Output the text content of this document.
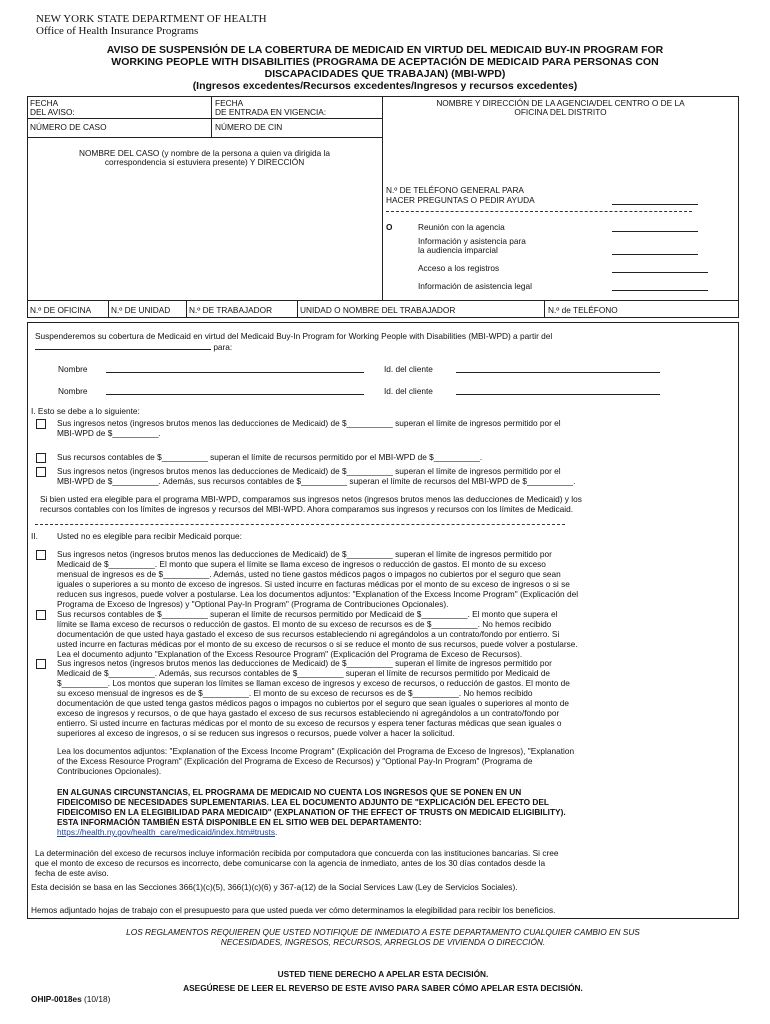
NEW YORK STATE DEPARTMENT OF HEALTH
Office of Health Insurance Programs
AVISO DE SUSPENSIÓN DE LA COBERTURA DE MEDICAID EN VIRTUD DEL MEDICAID BUY-IN PROGRAM FOR
WORKING PEOPLE WITH DISABILITIES (PROGRAMA DE ACEPTACIÓN DE MEDICAID PARA PERSONAS CON
DISCAPACIDADES QUE TRABAJAN) (MBI-WPD)
(Ingresos excedentes/Recursos excedentes/Ingresos y recursos excedentes)
FECHA
DEL AVISO:
FECHA
DE ENTRADA EN VIGENCIA:
NOMBRE Y DIRECCIÓN DE LA AGENCIA/DEL CENTRO O DE LA
OFICINA DEL DISTRITO
NÚMERO DE CASO	NÚMERO DE CIN
NOMBRE DEL CASO (y nombre de la persona a quien va dirigida la
correspondencia si estuviera presente) Y DIRECCIÓN
N.º DE TELÉFONO GENERAL PARA
HACER PREGUNTAS O PEDIR AYUDA
O	Reunión con la agencia
Información y asistencia para
la audiencia imparcial
Acceso a los registros
Información de asistencia legal
N.º DE OFICINA N.º DE UNIDAD N.º DE TRABAJADOR	UNIDAD O NOMBRE DEL TRABAJADOR	N.º de TELÉFONO
Suspenderemos su cobertura de Medicaid en virtud del Medicaid Buy-In Program for Working People with Disabilities (MBI-WPD) a partir del
para:
Nombre	Id. del cliente
Nombre	Id. del cliente
I. Esto se debe a lo siguiente:
Sus ingresos netos (ingresos brutos menos las deducciones de Medicaid) de $__________ superan el límite de ingresos permitido por el
MBI-WPD de $__________.
Sus recursos contables de $__________ superan el límite de recursos permitido por el MBI-WPD de $__________.
Sus ingresos netos (ingresos brutos menos las deducciones de Medicaid) de $__________ superan el límite de ingresos permitido por el
MBI-WPD de $__________. Además, sus recursos contables de $__________ superan el límite de recursos del MBI-WPD de $__________.
Si bien usted era elegible para el programa MBI-WPD, comparamos sus ingresos netos (ingresos brutos menos las deducciones de Medicaid) y los
recursos contables con los límites de ingresos y recursos del MBI-WPD. Ahora comparamos sus ingresos y recursos con los límites de Medicaid.
II. Usted no es elegible para recibir Medicaid porque:
Sus ingresos netos (ingresos brutos menos las deducciones de Medicaid) de $__________ superan el límite de ingresos permitido por
Medicaid de $__________. El monto que supera el límite se llama exceso de ingresos o reducción de gastos. El monto de su exceso
mensual de ingresos es de $__________. Además, usted no tiene gastos médicos pagos o impagos no cubiertos por el seguro que sean
iguales o superiores a su monto de exceso de ingresos. Si usted incurre en facturas médicas por el monto de su exceso de ingresos o si se
reducen sus ingresos, puede volver a postularse. Lea los documentos adjuntos: "Explanation of the Excess Income Program" (Explicación del
Programa de Exceso de Ingresos) y "Optional Pay-In Program" (Programa de Contribuciones Opcionales).
Sus recursos contables de $__________ superan el límite de recursos permitido por Medicaid de $__________. El monto que supera el
límite se llama exceso de recursos o reducción de gastos. El monto de su exceso de recursos es de $__________. No hemos recibido
documentación de que usted haya gastado el exceso de sus recursos estableciendo ni agregándolos a un contrato/fondo por entierro. Si
usted incurre en facturas médicas por el monto de su exceso de recursos o si se reduce el monto de sus recursos, puede volver a postularse.
Lea el documento adjunto "Explanation of the Excess Resource Program" (Explicación del Programa de Exceso de Recursos).
Sus ingresos netos (ingresos brutos menos las deducciones de Medicaid) de $__________ superan el límite de ingresos permitido por
Medicaid de $__________. Además, sus recursos contables de $__________ superan el límite de recursos permitido por Medicaid de
$__________. Los montos que superan los límites se llaman exceso de ingresos y exceso de recursos, o reducción de gastos. El monto de
su exceso mensual de ingresos es de $__________. El monto de su exceso de recursos es de $__________. No hemos recibido
documentación de que usted tenga gastos médicos pagos o impagos no cubiertos por el seguro que sean iguales o superiores al monto de
exceso de ingresos y recursos, o de que haya gastado el exceso de sus recursos estableciendo ni agregándolos a un contrato/fondo por
entierro. Si usted incurre en facturas médicas por el monto de su exceso de recursos y espera tener facturas médicas que sean iguales o
superiores al exceso de ingresos, o si se reducen sus ingresos o recursos, puede volver a hacer la solicitud.
Lea los documentos adjuntos: "Explanation of the Excess Income Program" (Explicación del Programa de Exceso de Ingresos), "Explanation
of the Excess Resource Program" (Explicación del Programa de Exceso de Recursos) y "Optional Pay-In Program" (Programa de
Contribuciones Opcionales).
EN ALGUNAS CIRCUNSTANCIAS, EL PROGRAMA DE MEDICAID NO CUENTA LOS INGRESOS QUE SE PONEN EN UN
FIDEICOMISO DE NECESIDADES SUPLEMENTARIAS. LEA EL DOCUMENTO ADJUNTO DE "EXPLICACIÓN DEL EFECTO DEL
FIDEICOMISO EN LA ELEGIBILIDAD PARA MEDICAID" (EXPLANATION OF THE EFFECT OF TRUSTS ON MEDICAID ELIGIBILITY).
ESTA INFORMACIÓN TAMBIÉN ESTÁ DISPONIBLE EN EL SITIO WEB DEL DEPARTAMENTO:
https://health.ny.gov/health_care/medicaid/index.htm#trusts.
La determinación del exceso de recursos incluye información recibida por computadora que concuerda con las instituciones bancarias. Si cree
que el monto de exceso de recursos es incorrecto, debe comunicarse con la agencia de inmediato, antes de los 30 días contados desde la
fecha de este aviso.
Esta decisión se basa en las Secciones 366(1)(c)(5), 366(1)(c)(6) y 367-a(12) de la Social Services Law (Ley de Servicios Sociales).
Hemos adjuntado hojas de trabajo con el presupuesto para que usted pueda ver cómo determinamos la elegibilidad para recibir los beneficios.
LOS REGLAMENTOS REQUIEREN QUE USTED NOTIFIQUE DE INMEDIATO A ESTE DEPARTAMENTO CUALQUIER CAMBIO EN SUS
NECESIDADES, INGRESOS, RECURSOS, ARREGLOS DE VIVIENDA O DIRECCIÓN.
USTED TIENE DERECHO A APELAR ESTA DECISIÓN.
ASEGÚRESE DE LEER EL REVERSO DE ESTE AVISO PARA SABER CÓMO APELAR ESTA DECISIÓN.
OHIP-0018es (10/18)
